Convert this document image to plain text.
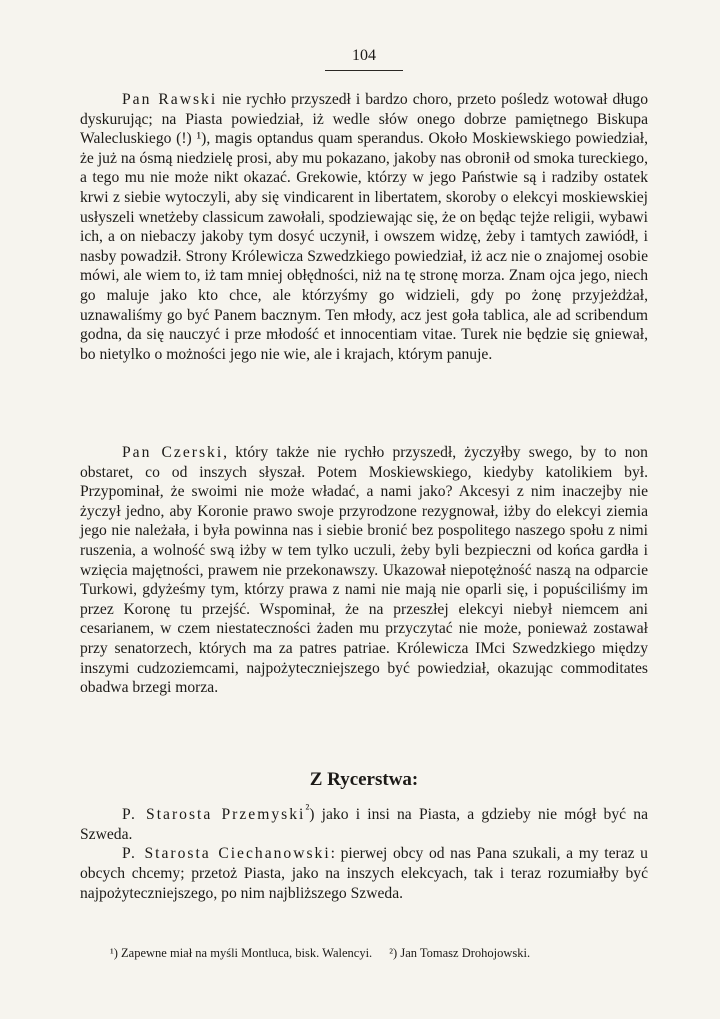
104

Pan Rawski nie rychło przyszedł i bardzo choro, przeto pośledz wotował długo dyskurując; na Piasta powiedział, iż wedle słów onego dobrze pamiętnego Biskupa Walecluskiego (!) ¹), magis optandus quam sperandus. Około Moskiewskiego powiedział, że już na ósmą niedzielę prosi, aby mu pokazano, jakoby nas obronił od smoka tureckiego, a tego mu nie może nikt okazać. Grekowie, którzy w jego Państwie są i radziby ostatek krwi z siebie wytoczyli, aby się vindicarent in libertatem, skoroby o elekcyi moskiewskiej usłyszeli wnetżeby classicum zawołali, spodziewając się, że on będąc tejże religii, wybawi ich, a on niebaczy jakoby tym dosyć uczynił, i owszem widzę, żeby i tamtych zawiódł, i nasby powadził. Strony Królewicza Szwedzkiego powiedział, iż acz nie o znajomej osobie mówi, ale wiem to, iż tam mniej obłędności, niż na tę stronę morza. Znam ojca jego, niech go maluje jako kto chce, ale którzyśmy go widzieli, gdy po żonę przyjeżdżał, uznawaliśmy go być Panem bacznym. Ten młody, acz jest goła tablica, ale ad scribendum godna, da się nauczyć i prze młodość et innocentiam vitae. Turek nie będzie się gniewał, bo nietylko o możności jego nie wie, ale i krajach, którym panuje.

Pan Czerski, który także nie rychło przyszedł, życzyłby swego, by to non obstaret, co od inszych słyszał. Potem Moskiewskiego, kiedyby katolikiem był. Przypominał, że swoimi nie może władać, a nami jako? Akcesyi z nim inaczejby nie życzył jedno, aby Koronie prawo swoje przyrodzone rezygnował, iżby do elekcyi ziemia jego nie należała, i była powinna nas i siebie bronić bez pospolitego naszego społu z nimi ruszenia, a wolność swą iżby w tem tylko uczuli, żeby byli bezpieczni od końca gardła i wzięcia majętności, prawem nie przekonawszy. Ukazował niepotężność naszą na odparcie Turkowi, gdyżeśmy tym, którzy prawa z nami nie mają nie oparli się, i popuściliśmy im przez Koronę tu przejść. Wspominał, że na przeszłej elekcyi niebył niemcem ani cesarianem, w czem niestateczności żaden mu przyczytać nie może, ponieważ zostawał przy senatorzech, których ma za patres patriae. Królewicza IMci Szwedzkiego między inszymi cudzoziemcami, najpożyteczniejszego być powiedział, okazując commoditates obadwa brzegi morza.

Z Rycerstwa:

P. Starosta Przemyski$^{^2}$) jako i insi na Piasta, a gdzieby nie mógł być na Szweda.

P. Starosta Ciechanowski: pierwej obcy od nas Pana szukali, a my teraz u obcych chcemy; przetoż Piasta, jako na inszych elekcyach, tak i teraz rozumiałby być najpożyteczniejszego, po nim najbliższego Szweda.

¹) Zapewne miał na myśli Montluca, bisk. Walencyi. ²) Jan Tomasz Drohojowski.
